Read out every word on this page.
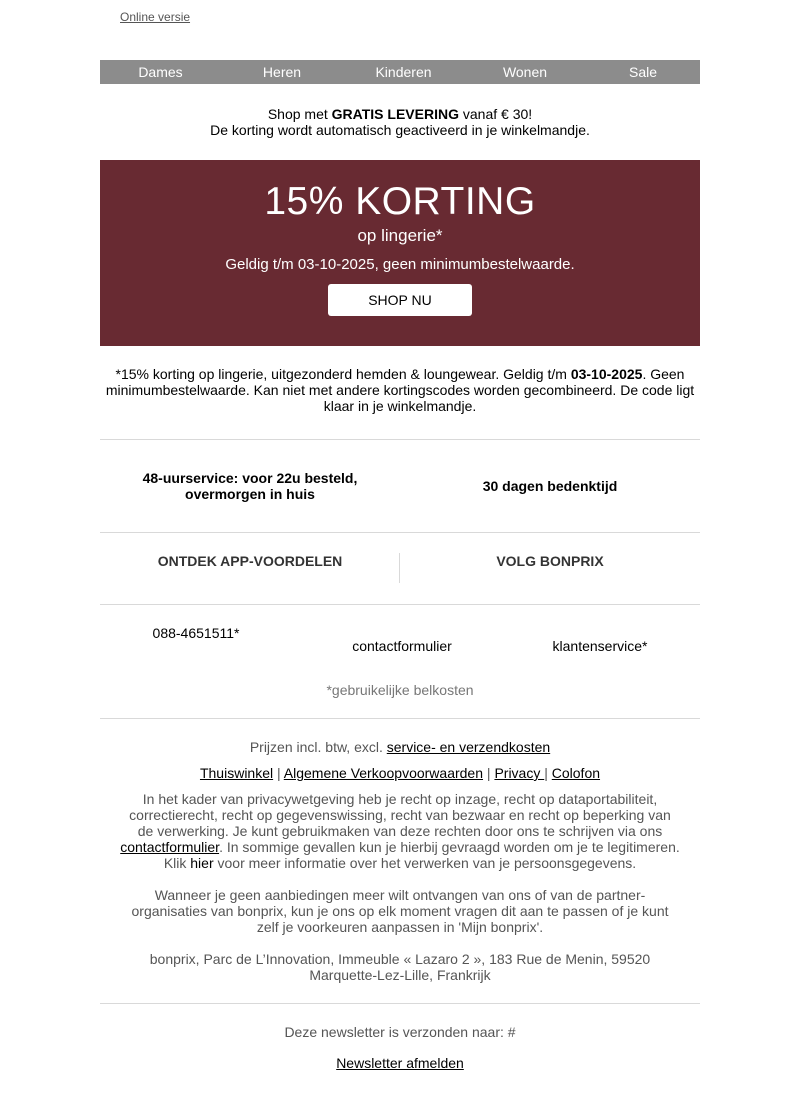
Online versie
Dames	Heren	Kinderen	Wonen	Sale
Shop met GRATIS LEVERING vanaf € 30!
De korting wordt automatisch geactiveerd in je winkelmandje.
15% KORTING
op lingerie*
Geldig t/m 03-10-2025, geen minimumbestelwaarde.
SHOP NU
*15% korting op lingerie, uitgezonderd hemden & loungewear. Geldig t/m 03-10-2025. Geen minimumbestelwaarde. Kan niet met andere kortingscodes worden gecombineerd. De code ligt klaar in je winkelmandje.
48-uurservice: voor 22u besteld, overmorgen in huis	30 dagen bedenktijd
ONTDEK APP-VOORDELEN	VOLG BONPRIX
088-4651511*
contactformulier	klantenservice*
*gebruikelijke belkosten
Prijzen incl. btw, excl. service- en verzendkosten
Thuiswinkel | Algemene Verkoopvoorwaarden | Privacy | Colofon
In het kader van privacywetgeving heb je recht op inzage, recht op dataportabiliteit, correctierecht, recht op gegevenswissing, recht van bezwaar en recht op beperking van de verwerking. Je kunt gebruikmaken van deze rechten door ons te schrijven via ons contactformulier. In sommige gevallen kun je hierbij gevraagd worden om je te legitimeren. Klik hier voor meer informatie over het verwerken van je persoonsgegevens.
Wanneer je geen aanbiedingen meer wilt ontvangen van ons of van de partner-organisaties van bonprix, kun je ons op elk moment vragen dit aan te passen of je kunt zelf je voorkeuren aanpassen in 'Mijn bonprix'.
bonprix, Parc de L’Innovation, Immeuble « Lazaro 2 », 183 Rue de Menin, 59520 Marquette-Lez-Lille, Frankrijk
Deze newsletter is verzonden naar: #
Newsletter afmelden
